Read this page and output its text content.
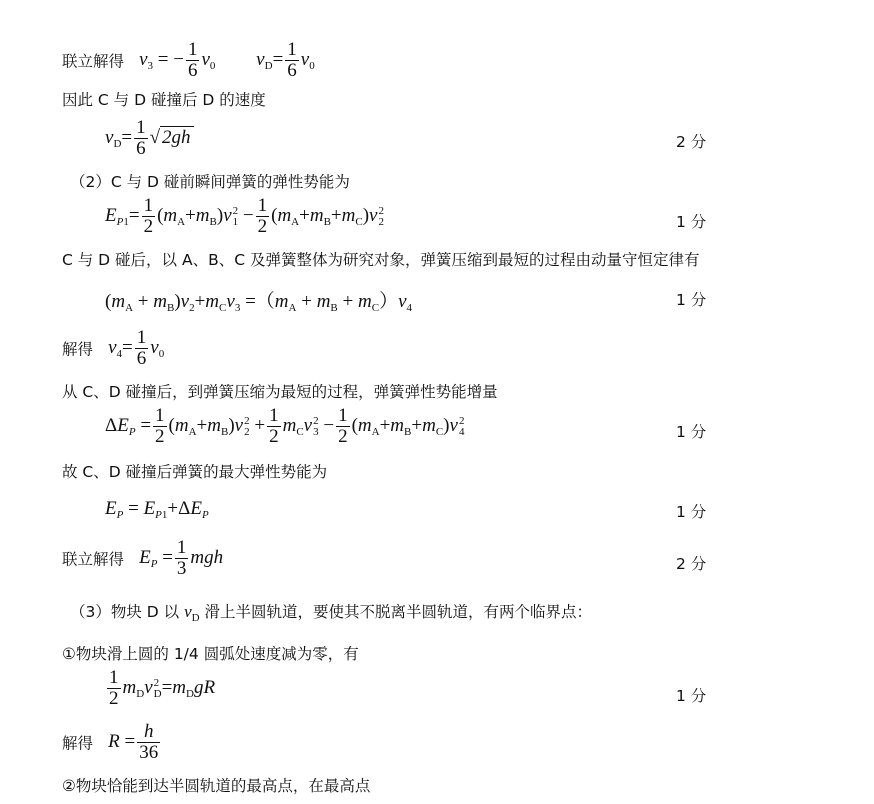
联立解得 $v_3$ = − $\frac{1}{6} v_0$ $v_D= \frac{1}{6} v_0$
因此 C 与 D 碰撞后 D 的速度
$v_D= \frac{1}{6}$ √ 2gh	2 分
（2）C 与 D 碰前瞬间弹簧的弹性势能为
$E_{P1}= \frac{1}{2} (m_A+m_B)v$ 2
$1 - \frac{1}{2} (m_A+m_B+m_C)v$ 2
2	1 分
C 与 D 碰后，以 A、B、C 及弹簧整体为研究对象，弹簧压缩到最短的过程由动量守恒定律有
$(m_A + m_B)v_2+m_Cv_3 =(m_A + m_B + m_C)v_4$	1 分
解得 $v_4= \frac{1}{6} v_0$
从 C、D 碰撞后，到弹簧压缩为最短的过程，弹簧弹性势能增量
$\Delta E_P = \frac{1}{2} (m_A+m_B)v$ 2
$2 + \frac{1}{2} m_Cv$ 2
$3 - \frac{1}{2} (m_A+m_B+m_C)v$ 2
4	1 分
故 C、D 碰撞后弹簧的最大弹性势能为
$E_P = E_{P1}+\Delta E_P$	1 分
联立解得 $E_P = \frac{1}{3}$ mgh	2 分
（3）物块 D 以 $v_D$ 滑上半圆轨道，要使其不脱离半圆轨道，有两个临界点：
①物块滑上圆的 1/4 圆弧处速度减为零，有
$\frac{1}{2} m_Dv$ 2
$D =m_DgR$	1 分
解得 $R = \frac{h}{36}$
②物块恰能到达半圆轨道的最高点，在最高点
